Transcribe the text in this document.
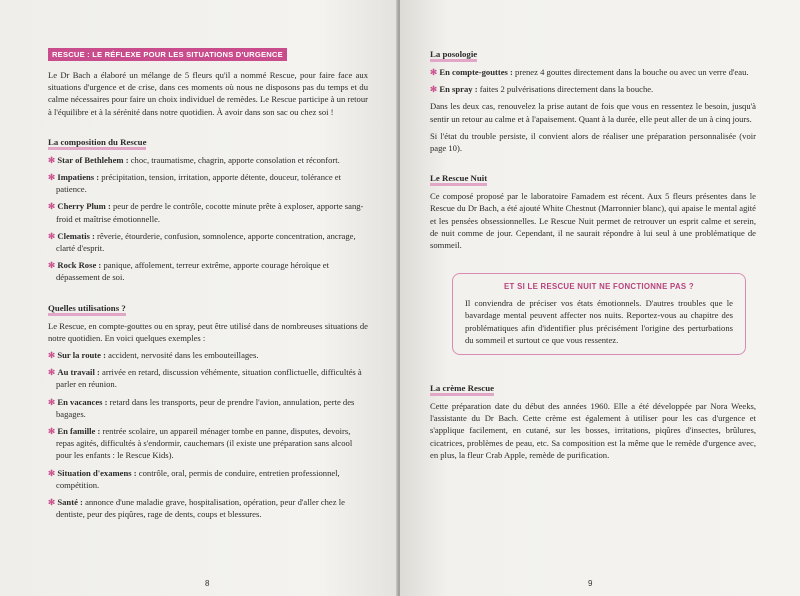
RESCUE : LE RÉFLEXE POUR LES SITUATIONS D'URGENCE

Le Dr Bach a élaboré un mélange de 5 fleurs qu'il a nommé Rescue, pour faire face aux situations d'urgence et de crise, dans ces moments où nous ne disposons pas du temps et du calme nécessaires pour faire un choix individuel de remèdes. Le Rescue participe à un retour à l'équilibre et à la sérénité dans notre quotidien. À avoir dans son sac ou chez soi !

La composition du Rescue
✻ Star of Bethlehem : choc, traumatisme, chagrin, apporte consolation et réconfort.
✻ Impatiens : précipitation, tension, irritation, apporte détente, douceur, tolérance et patience.
✻ Cherry Plum : peur de perdre le contrôle, cocotte minute prête à exploser, apporte sang-froid et maîtrise émotionnelle.
✻ Clematis : rêverie, étourderie, confusion, somnolence, apporte concentration, ancrage, clarté d'esprit.
✻ Rock Rose : panique, affolement, terreur extrême, apporte courage héroïque et dépassement de soi.
Quelles utilisations ?

Le Rescue, en compte-gouttes ou en spray, peut être utilisé dans de nombreuses situations de notre quotidien. En voici quelques exemples :

✻ Sur la route : accident, nervosité dans les embouteillages.
✻ Au travail : arrivée en retard, discussion véhémente, situation conflictuelle, difficultés à parler en réunion.
✻ En vacances : retard dans les transports, peur de prendre l'avion, annulation, perte des bagages.
✻ En famille : rentrée scolaire, un appareil ménager tombe en panne, disputes, devoirs, repas agités, difficultés à s'endormir, cauchemars (il existe une préparation sans alcool pour les enfants : le Rescue Kids).
✻ Situation d'examens : contrôle, oral, permis de conduire, entretien professionnel, compétition.
✻ Santé : annonce d'une maladie grave, hospitalisation, opération, peur d'aller chez le dentiste, peur des piqûres, rage de dents, coups et blessures.
8
La posologie
✻ En compte-gouttes : prenez 4 gouttes directement dans la bouche ou avec un verre d'eau.
✻ En spray : faites 2 pulvérisations directement dans la bouche.

Dans les deux cas, renouvelez la prise autant de fois que vous en ressentez le besoin, jusqu'à sentir un retour au calme et à l'apaisement. Quant à la durée, elle peut aller de un à cinq jours.

Si l'état du trouble persiste, il convient alors de réaliser une préparation personnalisée (voir page 10).

Le Rescue Nuit

Ce composé proposé par le laboratoire Famadem est récent. Aux 5 fleurs présentes dans le Rescue du Dr Bach, a été ajouté White Chestnut (Marronnier blanc), qui apaise le mental agité et les pensées obsessionnelles. Le Rescue Nuit permet de retrouver un esprit calme et serein, de nuit comme de jour. Cependant, il ne saurait répondre à lui seul à une problématique de sommeil.

ET SI LE RESCUE NUIT NE FONCTIONNE PAS ?

Il conviendra de préciser vos états émotionnels. D'autres troubles que le bavardage mental peuvent affecter nos nuits. Reportez-vous au chapitre des problématiques afin d'identifier plus précisément l'origine des perturbations du sommeil et surtout ce que vous ressentez.

La crème Rescue

Cette préparation date du début des années 1960. Elle a été développée par Nora Weeks, l'assistante du Dr Bach. Cette crème est également à utiliser pour les cas d'urgence et s'applique facilement, en cutané, sur les bosses, irritations, piqûres d'insectes, brûlures, cicatrices, problèmes de peau, etc. Sa composition est la même que le remède d'urgence avec, en plus, la fleur Crab Apple, remède de purification.

9
